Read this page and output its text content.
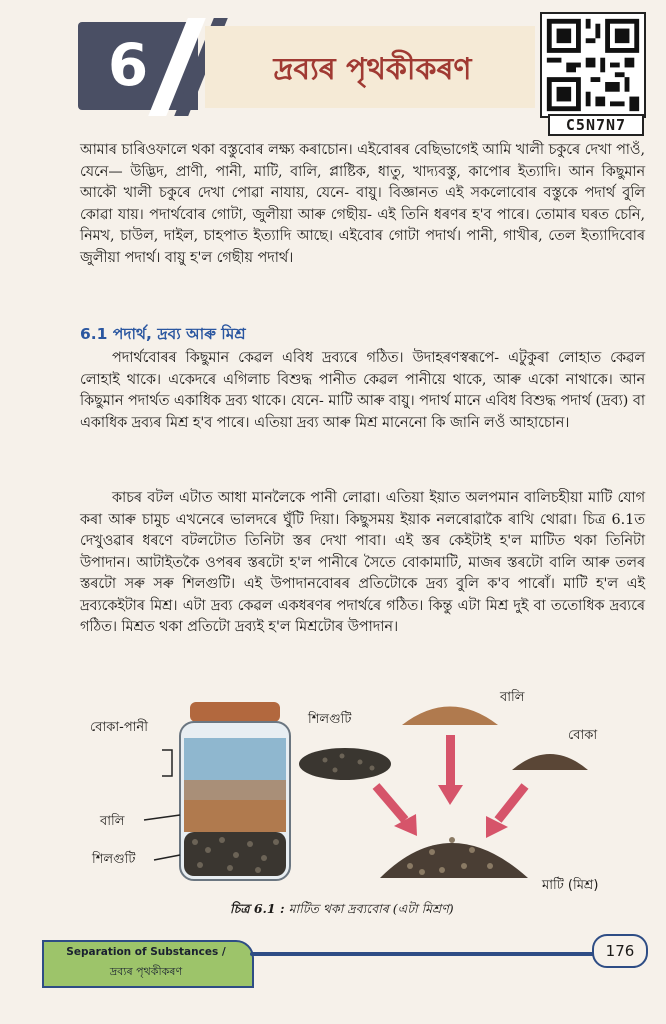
6	দ্ৰব্যৰ পৃথকীকৰণ
C5N7N7
আমাৰ চাৰিওফালে থকা বস্তুবোৰ লক্ষ্য কৰাচোন। এইবোৰৰ বেছিভাগেই আমি খালী চকুৰে দেখা পাওঁ, যেনে— উদ্ভিদ, প্ৰাণী, পানী, মাটি, বালি, প্লাষ্টিক, ধাতু, খাদ্যবস্তু, কাপোৰ ইত্যাদি। আন কিছুমান আকৌ খালী চকুৰে দেখা পোৱা নাযায়, যেনে- বায়ু। বিজ্ঞানত এই সকলোবোৰ বস্তুকে পদাৰ্থ বুলি কোৱা যায়। পদাৰ্থবোৰ গোটা, জুলীয়া আৰু গেছীয়- এই তিনি ধৰণৰ হ'ব পাৰে। তোমাৰ ঘৰত চেনি, নিমখ, চাউল, দাইল, চাহপাত ইত্যাদি আছে। এইবোৰ গোটা পদাৰ্থ। পানী, গাখীৰ, তেল ইত্যাদিবোৰ জুলীয়া পদাৰ্থ। বায়ু হ'ল গেছীয় পদাৰ্থ।
6.1 পদাৰ্থ, দ্ৰব্য আৰু মিশ্ৰ
পদাৰ্থবোৰৰ কিছুমান কেৱল এবিধ দ্ৰব্যৰে গঠিত। উদাহৰণস্বৰূপে- এটুকুৰা লোহাত কেৱল লোহাই থাকে। একেদৰে এগিলাচ বিশুদ্ধ পানীত কেৱল পানীয়ে থাকে, আৰু একো নাথাকে। আন কিছুমান পদাৰ্থত একাধিক দ্ৰব্য থাকে। যেনে- মাটি আৰু বায়ু। পদাৰ্থ মানে এবিধ বিশুদ্ধ পদাৰ্থ (দ্ৰব্য) বা একাধিক দ্ৰব্যৰ মিশ্ৰ হ'ব পাৰে। এতিয়া দ্ৰব্য আৰু মিশ্ৰ মানেনো কি জানি লওঁ আহাচোন।
কাচৰ বটল এটাত আধা মানলৈকে পানী লোৱা। এতিয়া ইয়াত অলপমান বালিচহীয়া মাটি যোগ কৰা আৰু চামুচ এখনেৰে ভালদৰে ঘুঁটি দিয়া। কিছুসময় ইয়াক নলৰোৱাকৈ ৰাখি থোৱা। চিত্ৰ 6.1ত দেখুওৱাৰ ধৰণে বটলটোত তিনিটা স্তৰ দেখা পাবা। এই স্তৰ কেইটাই হ'ল মাটিত থকা তিনিটা উপাদান। আটাইতকৈ ওপৰৰ স্তৰটো হ'ল পানীৰে সৈতে বোকামাটি, মাজৰ স্তৰটো বালি আৰু তলৰ স্তৰটো সৰু সৰু শিলগুটি। এই উপাদানবোৰৰ প্ৰতিটোকে দ্ৰব্য বুলি ক'ব পাৰোঁ। মাটি হ'ল এই দ্ৰব্যকেইটাৰ মিশ্ৰ। এটা দ্ৰব্য কেৱল একধৰণৰ পদাৰ্থৰে গঠিত। কিন্তু এটা মিশ্ৰ দুই বা ততোধিক দ্ৰব্যৰে গঠিত। মিশ্ৰত থকা প্ৰতিটো দ্ৰব্যই হ'ল মিশ্ৰটোৰ উপাদান।
বোকা-পানী
বালি
শিলগুটি
শিলগুটি
বালি
বোকা
মাটি (মিশ্ৰ)
চিত্ৰ 6.1 : মাটিত থকা দ্ৰব্যবোৰ (এটা মিশ্ৰণ)
Separation of Substances /
দ্ৰব্যৰ পৃথকীকৰণ
176
